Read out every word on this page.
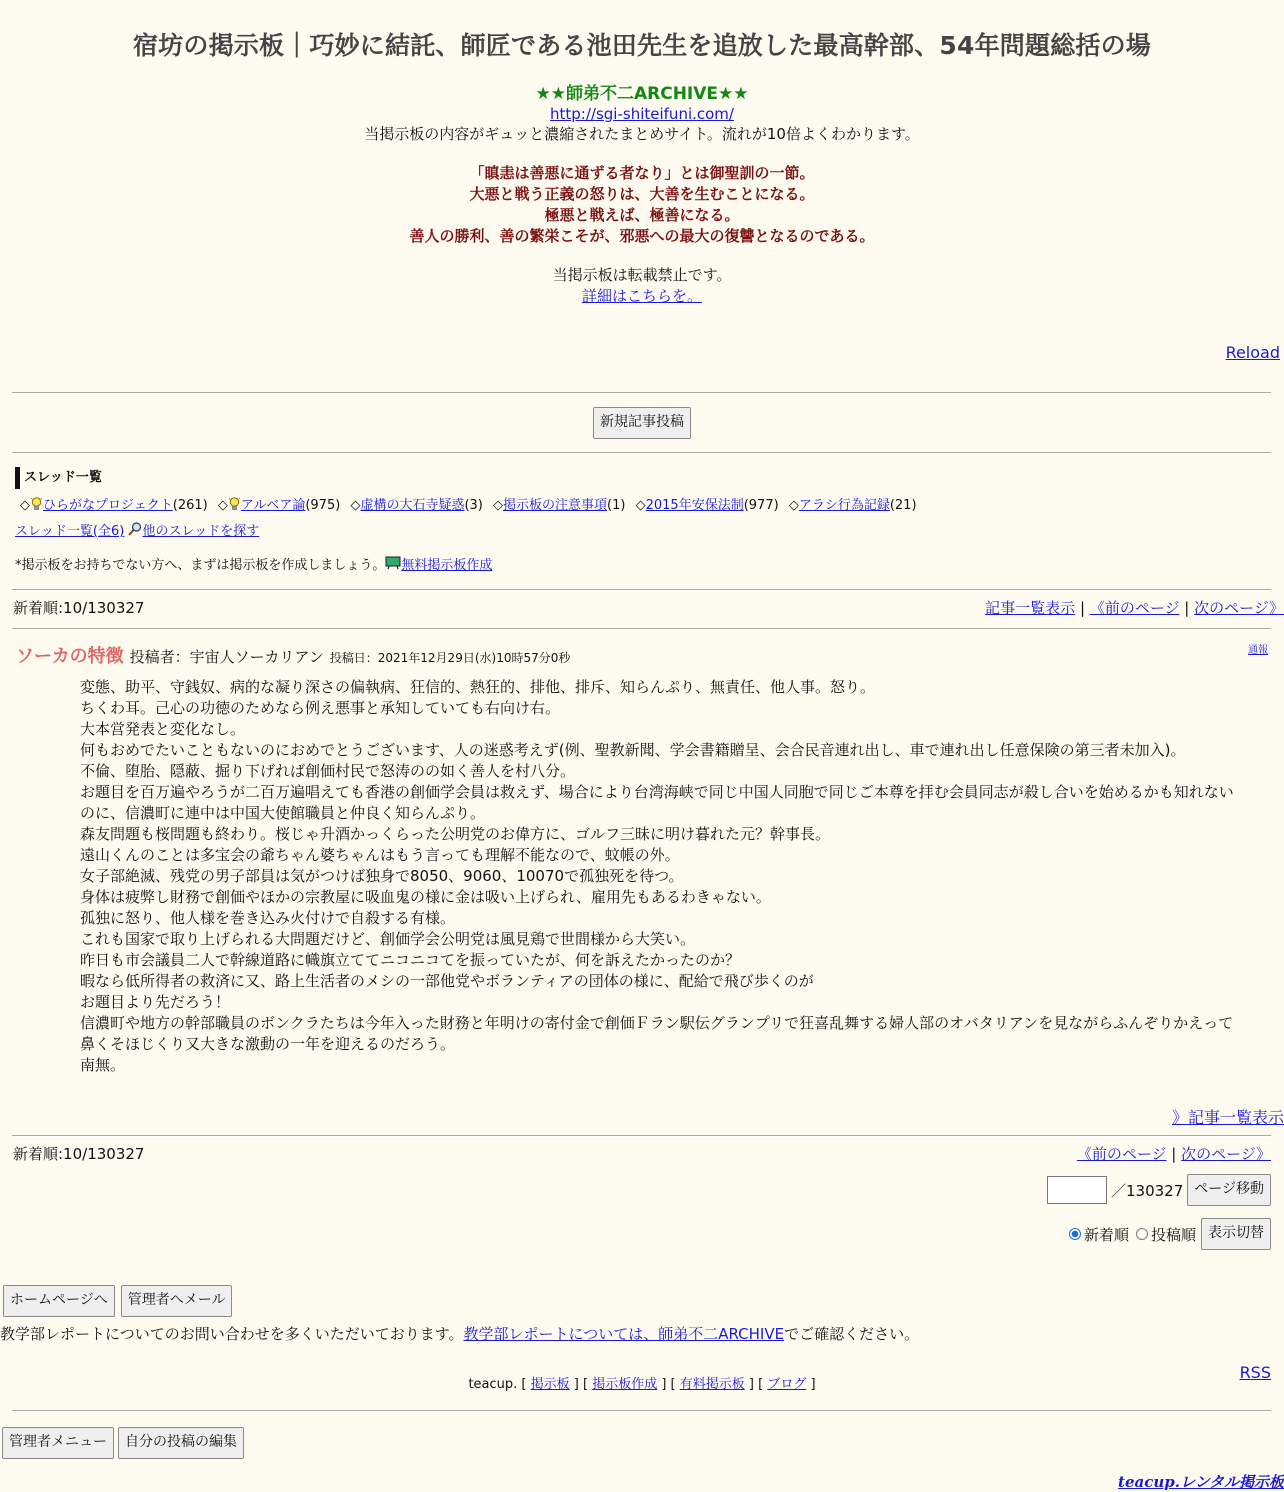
宿坊の掲示板｜巧妙に結託、師匠である池田先生を追放した最高幹部、54年問題総括の場
★★師弟不二ARCHIVE★★
http://sgi-shiteifuni.com/
当掲示板の内容がギュッと濃縮されたまとめサイト。流れが10倍よくわかります。
「瞋恚は善悪に通ずる者なり」とは御聖訓の一節。
大悪と戦う正義の怒りは、大善を生むことになる。
極悪と戦えば、極善になる。
善人の勝利、善の繁栄こそが、邪悪への最大の復讐となるのである。
当掲示板は転載禁止です。
詳細はこちらを。
Reload
新規記事投稿
スレッド一覧
◇ ひらがなプロジェクト(261) ◇ アルベア論(975) ◇虚構の大石寺疑惑(3) ◇掲示板の注意事項(1) ◇2015年安保法制(977) ◇アラシ行為記録(21)
スレッド一覧(全6) 他のスレッドを探す
*掲示板をお持ちでない方へ、まずは掲示板を作成しましょう。 無料掲示板作成
新着順:10/130327	記事一覧表示 | 《前のページ | 次のページ》
ソーカの特徴 投稿者：宇宙人ソーカリアン 投稿日：2021年12月29日(水)10時57分0秒
通報

変態、助平、守銭奴、病的な凝り深さの偏執病、狂信的、熱狂的、排他、排斥、知らんぷり、無責任、他人事。怒り。

ちくわ耳。己心の功徳のためなら例え悪事と承知していても右向け右。

大本営発表と変化なし。

何もおめでたいこともないのにおめでとうございます、人の迷惑考えず(例、聖教新聞、学会書籍贈呈、会合民音連れ出し、車で連れ出し任意保険の第三者未加入)。

不倫、堕胎、隠蔽、掘り下げれば創価村民で怒涛のの如く善人を村八分。

お題目を百万遍やろうが二百万遍唱えても香港の創価学会員は救えず、場合により台湾海峡で同じ中国人同胞で同じご本尊を拝む会員同志が殺し合いを始めるかも知れないのに、信濃町に連中は中国大使館職員と仲良く知らんぷり。

森友問題も桜問題も終わり。桜じゃ升酒かっくらった公明党のお偉方に、ゴルフ三昧に明け暮れた元？幹事長。

遠山くんのことは多宝会の爺ちゃん婆ちゃんはもう言っても理解不能なので、蚊帳の外。

女子部絶滅、残党の男子部員は気がつけば独身で8050、9060、10070で孤独死を待つ。

身体は疲弊し財務で創価やほかの宗教屋に吸血鬼の様に金は吸い上げられ、雇用先もあるわきゃない。

孤独に怒り、他人様を巻き込み火付けで自殺する有様。

これも国家で取り上げられる大問題だけど、創価学会公明党は風見鶏で世間様から大笑い。

昨日も市会議員二人で幹線道路に幟旗立ててニコニコてを振っていたが、何を訴えたかったのか？

暇なら低所得者の救済に又、路上生活者のメシの一部他党やボランティアの団体の様に、配給で飛び歩くのが

お題目より先だろう！

信濃町や地方の幹部職員のボンクラたちは今年入った財務と年明けの寄付金で創価Ｆラン駅伝グランプリで狂喜乱舞する婦人部のオバタリアンを見ながらふんぞりかえって鼻くそほじくり又大きな激動の一年を迎えるのだろう。

南無。

》記事一覧表示
新着順:10/130327	《前のページ | 次のページ》
／130327 ページ移動
新着順 投稿順 表示切替
ホームページへ	管理者へメール
教学部レポートについてのお問い合わせを多くいただいております。教学部レポートについては、師弟不二ARCHIVEでご確認ください。
RSS
teacup. [ 掲示板 ] [ 掲示板作成 ] [ 有料掲示板 ] [ ブログ ]
管理者メニュー	自分の投稿の編集
teacup.レンタル掲示板
